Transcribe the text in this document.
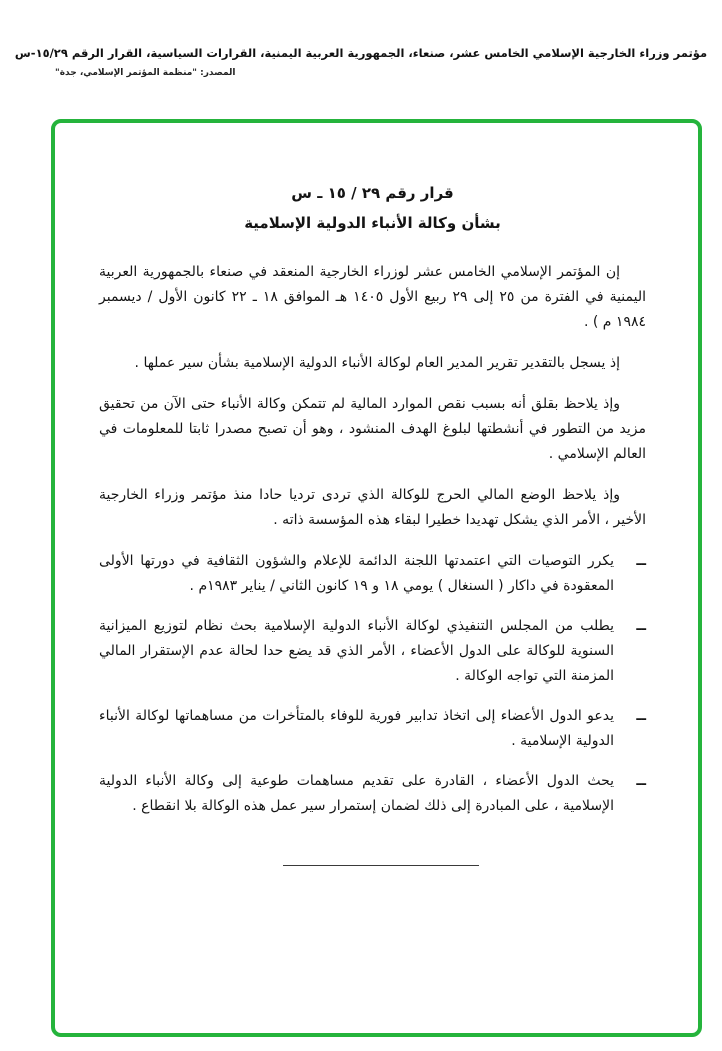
مؤتمر وزراء الخارجية الإسلامي الخامس عشر، صنعاء، الجمهورية العربية اليمنية، القرارات السياسية، القرار الرقم ١٥/٢٩-س
المصدر: "منظمة المؤتمر الإسلامي، جدة"
قرار رقم ٢٩ / ١٥ ـ س
بشأن وكالة الأنباء الدولية الإسلامية

إن المؤتمر الإسلامي الخامس عشر لوزراء الخارجية المنعقد في صنعاء بالجمهورية العربية اليمنية في الفترة من ٢٥ إلى ٢٩ ربيع الأول ١٤٠٥ هـ الموافق ١٨ ـ ٢٢ كانون الأول / ديسمبر ١٩٨٤ م ) .

إذ يسجل بالتقدير تقرير المدير العام لوكالة الأنباء الدولية الإسلامية بشأن سير عملها .

وإذ يلاحظ بقلق أنه بسبب نقص الموارد المالية لم تتمكن وكالة الأنباء حتى الآن من تحقيق مزيد من التطور في أنشطتها لبلوغ الهدف المنشود ، وهو أن تصبح مصدرا ثابتا للمعلومات في العالم الإسلامي .

وإذ يلاحظ الوضع المالي الحرج للوكالة الذي تردى ترديا حادا منذ مؤتمر وزراء الخارجية الأخير ، الأمر الذي يشكل تهديدا خطيرا لبقاء هذه المؤسسة ذاته .

ــ
يكرر التوصيات التي اعتمدتها اللجنة الدائمة للإعلام والشؤون الثقافية في دورتها الأولى المعقودة في داكار ( السنغال ) يومي ١٨ و ١٩ كانون الثاني / يناير ١٩٨٣م .
ــ
يطلب من المجلس التنفيذي لوكالة الأنباء الدولية الإسلامية بحث نظام لتوزيع الميزانية السنوية للوكالة على الدول الأعضاء ، الأمر الذي قد يضع حدا لحالة عدم الإستقرار المالي المزمنة التي تواجه الوكالة .
ــ
يدعو الدول الأعضاء إلى اتخاذ تدابير فورية للوفاء بالمتأخرات من مساهماتها لوكالة الأنباء الدولية الإسلامية .
ــ
يحث الدول الأعضاء ، القادرة على تقديم مساهمات طوعية إلى وكالة الأنباء الدولية الإسلامية ، على المبادرة إلى ذلك لضمان إستمرار سير عمل هذه الوكالة بلا انقطاع .
